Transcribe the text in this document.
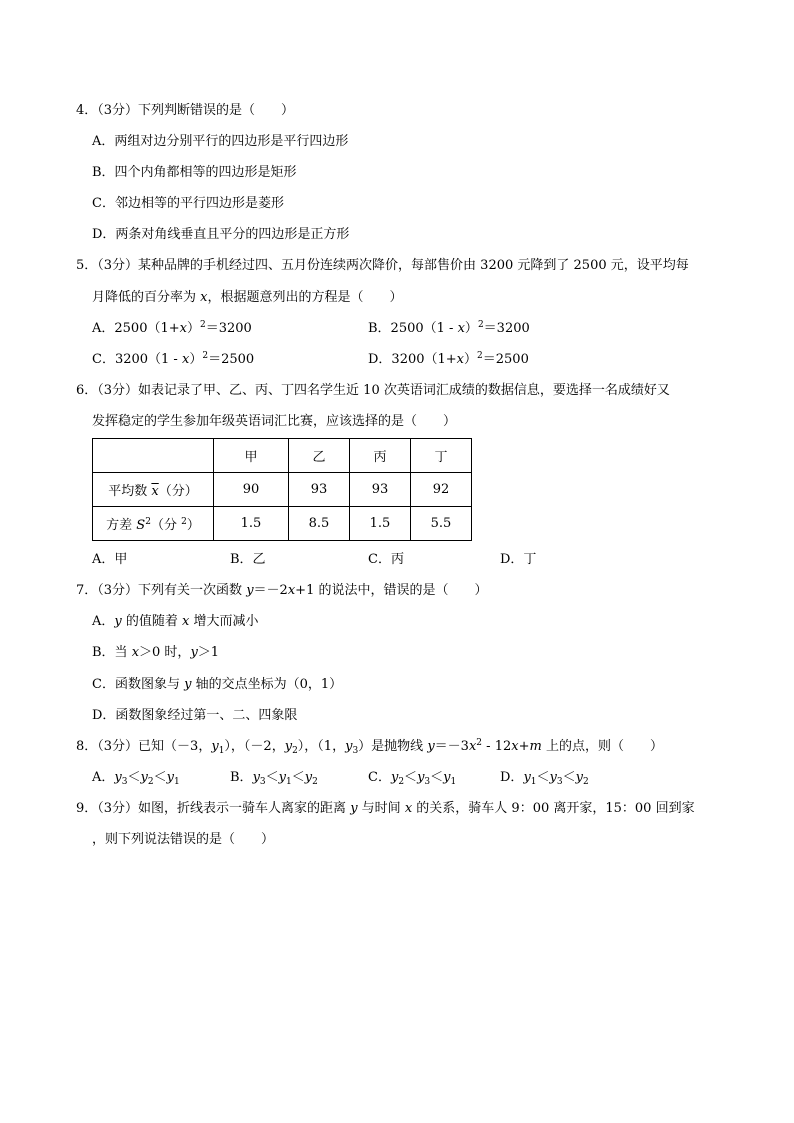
4．（3分）下列判断错误的是（　　）
A．两组对边分别平行的四边形是平行四边形
B．四个内角都相等的四边形是矩形
C．邻边相等的平行四边形是菱形
D．两条对角线垂直且平分的四边形是正方形
5．（3分）某种品牌的手机经过四、五月份连续两次降价，每部售价由 3200 元降到了 2500 元，设平均每
月降低的百分率为 x，根据题意列出的方程是（　　）
A．$2500(1+x)^2=3200$	B．2500（1 - x）$^2$＝3200
C．3200（1 - x）$^2$＝2500	D．$3200(1+x)^2=2500$
6．（3分）如表记录了甲、乙、丙、丁四名学生近 10 次英语词汇成绩的数据信息，要选择一名成绩好又
发挥稳定的学生参加年级英语词汇比赛，应该选择的是（　　）
	甲	乙	丙	丁
平均数 $\overline{x}$（分）	90	93	93	92
方差 $S^2$（分 $^2$）	1.5	8.5	1.5	5.5
A．甲	B．乙	C．丙	D．丁
7．（3分）下列有关一次函数 y＝－2x+1 的说法中，错误的是（　　）
A．y 的值随着 x 增大而减小
B．当 x＞0 时，y＞1
C．函数图象与 y 轴的交点坐标为（0，1）
D．函数图象经过第一、二、四象限
8．（3分）已知（－3，$y_1$），（－2，$y_2$），（1，$y_3$）是抛物线 $y=-3x^2 - 12x+m$ 上的点，则（　　）
A．$y_3<y_2<y_1$	B．$y_3<y_1<y_2$	C．$y_2<y_3<y_1$	D．$y_1<y_3<y_2$
9．（3分）如图，折线表示一骑车人离家的距离 y 与时间 x 的关系，骑车人 9：00 离开家，15：00 回到家
，则下列说法错误的是（　　）
